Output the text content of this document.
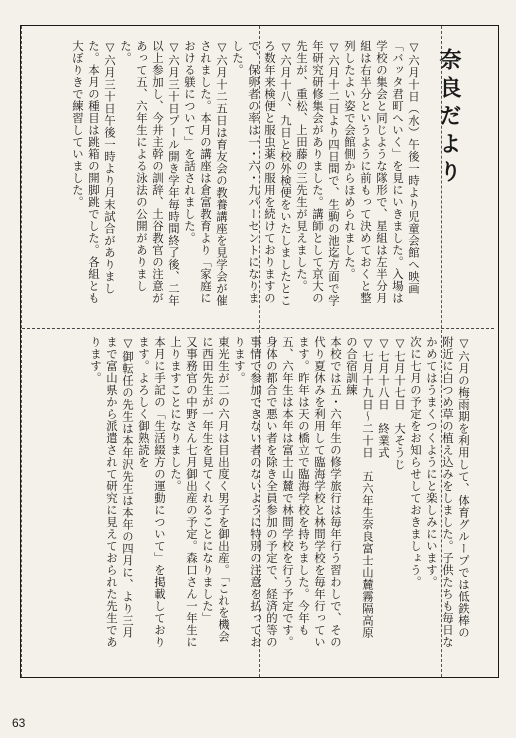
奈良だより

▽六月十日（水）午後一時より児童会館へ映画「バッタ君町へいく」を見にいきました。入場は学校の集会と同じような隊形で、星組は左半分月組は右半分というように前もって決めておくと整列したよい姿で会館側からほめられました。

▽六月十二日より四日間で、生駒の池迄方面で学年研究研修集会がありました。講師として京大の先生が、重松、上田藤の三先生が見えました。

▽六月十八、九日と校外検便をいたしましたところ数年来検便と服虫薬の服用を続けておりますので、保卵者の率は一・六・九パーセントになりました。

▽六月十二五日は育友会の教養講座を見学会が催されました。本月の講座は倉富教育より「家庭における躾について」を話されました。

▽六月三十日プール開き学年毎時間終了後、二年以上参加し、今井主幹の訓辞、土谷教官の注意があって五、六年生による泳法の公開がありました。

▽六月三十日午後一時より月末試合がありました。本月の種目は跳箱の開脚跳でした。各組とも大ぼりきで練習していました。

▽六月の梅雨期を利用して、体育グループでは低鉄棒の附近に白つめ草の植え込みをしました。子供たちも毎日なかめてはうまくつくようにと楽しみにいます。

次に七月の予定をお知らせしておきましょう。

▽七月十七日　大そうじ

▽七月十八日　終業式

▽七月十九日〜二十日　五六年生奈良富士山麓霧隔高原の合宿訓練

本校では五・六年生の修学旅行は毎年行う習わしで、その代り夏休みを利用して臨海学校と林間学校を毎年行っています。昨年は天の橋立で臨海学校を持ちました。今年も五、六年生は本年は富士山麓で林間学校を行う予定です。

身体の都合で悪い者を除き全員参加の予定で、経済的等の事情で参加できない者のないように特別の注意を払っております。

東光生が二の六月は目出度く男子を御出産。「これを機会に西田先生が一年生を見てくれることになりました」

又事務官の中野さん七月御出産の予定。森口さん一年生に上りますことになりました。

本月に手記の「生活綴方の運動について」を掲載しております。よろしく御熟読を

▽御転任の先生は本年沢先生は本年の四月に、より三月まで富山県から派遣されて研究に見えておられた先生であります。

63
